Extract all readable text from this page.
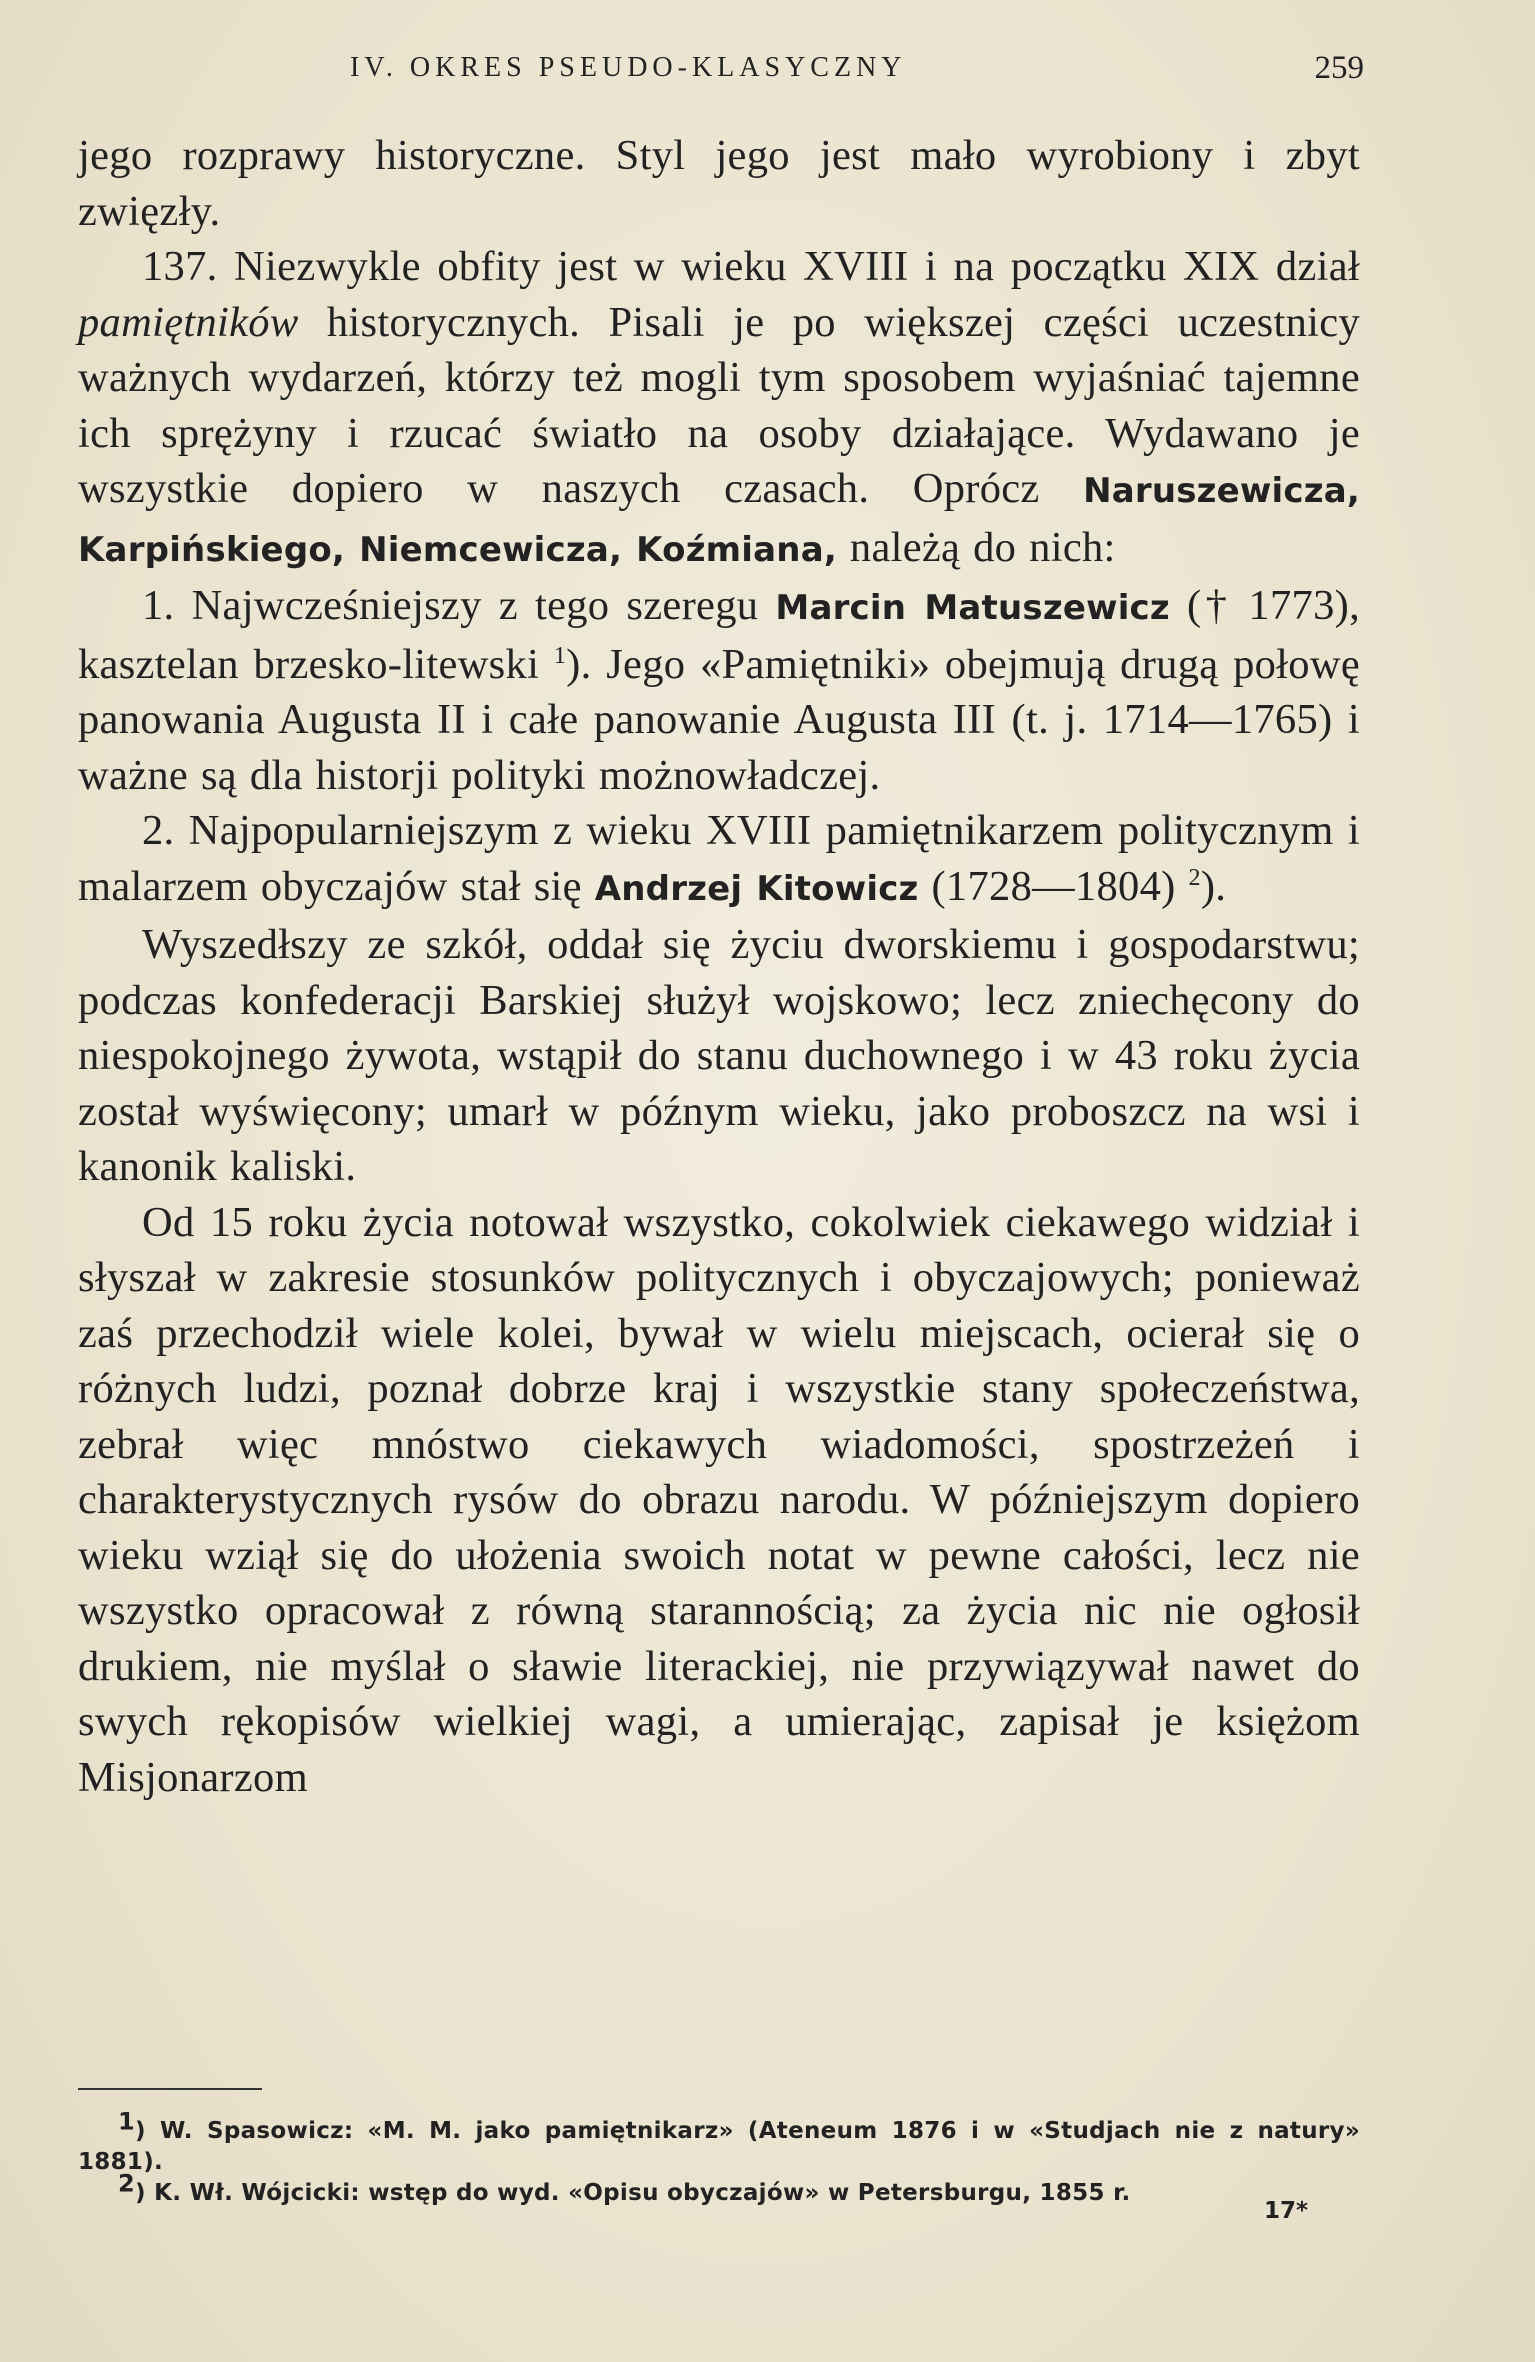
IV. OKRES PSEUDO-KLASYCZNY	259

jego rozprawy historyczne. Styl jego jest mało wyrobiony i zbyt zwięzły.

137. Niezwykle obfity jest w wieku XVIII i na początku XIX dział pamiętników historycznych. Pisali je po większej części uczestnicy ważnych wydarzeń, którzy też mogli tym sposobem wyjaśniać tajemne ich sprężyny i rzucać światło na osoby działające. Wydawano je wszystkie dopiero w naszych czasach. Oprócz Naruszewicza, Karpińskiego, Niemcewicza, Koźmiana, należą do nich:

1. Najwcześniejszy z tego szeregu Marcin Matuszewicz († 1773), kasztelan brzesko-litewski $^1$). Jego «Pamiętniki» obejmują drugą połowę panowania Augusta II i całe panowanie Augusta III (t. j. 1714—1765) i ważne są dla historji polityki możnowładczej.

2. Najpopularniejszym z wieku XVIII pamiętnikarzem politycznym i malarzem obyczajów stał się Andrzej Kitowicz (1728—1804) $^2$).

Wyszedłszy ze szkół, oddał się życiu dworskiemu i gospodarstwu; podczas konfederacji Barskiej służył wojskowo; lecz zniechęcony do niespokojnego żywota, wstąpił do stanu duchownego i w 43 roku życia został wyświęcony; umarł w późnym wieku, jako proboszcz na wsi i kanonik kaliski.

Od 15 roku życia notował wszystko, cokolwiek ciekawego widział i słyszał w zakresie stosunków politycznych i obyczajowych; ponieważ zaś przechodził wiele kolei, bywał w wielu miejscach, ocierał się o różnych ludzi, poznał dobrze kraj i wszystkie stany społeczeństwa, zebrał więc mnóstwo ciekawych wiadomości, spostrzeżeń i charakterystycznych rysów do obrazu narodu. W późniejszym dopiero wieku wziął się do ułożenia swoich notat w pewne całości, lecz nie wszystko opracował z równą starannością; za życia nic nie ogłosił drukiem, nie myślał o sławie literackiej, nie przywiązywał nawet do swych rękopisów wielkiej wagi, a umierając, zapisał je księżom Misjonarzom

$^1$) W. Spasowicz: «M. M. jako pamiętnikarz» (Ateneum 1876 i w «Studjach nie z natury» 1881).

$^2$) K. Wł. Wójcicki: wstęp do wyd. «Opisu obyczajów» w Petersburgu, 1855 r.

17*
